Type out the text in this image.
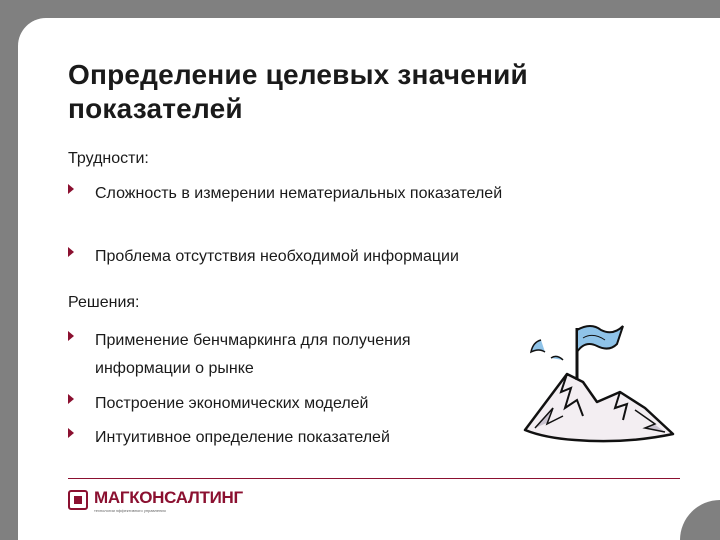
Определение целевых значений показателей
Трудности:
Сложность в измерении нематериальных показателей
Проблема отсутствия необходимой информации
Решения:
Применение бенчмаркинга для получения информации о рынке
Построение экономических моделей
Интуитивное определение показателей
МАГКОНСАЛТИНГ
технологии эффективного управления
